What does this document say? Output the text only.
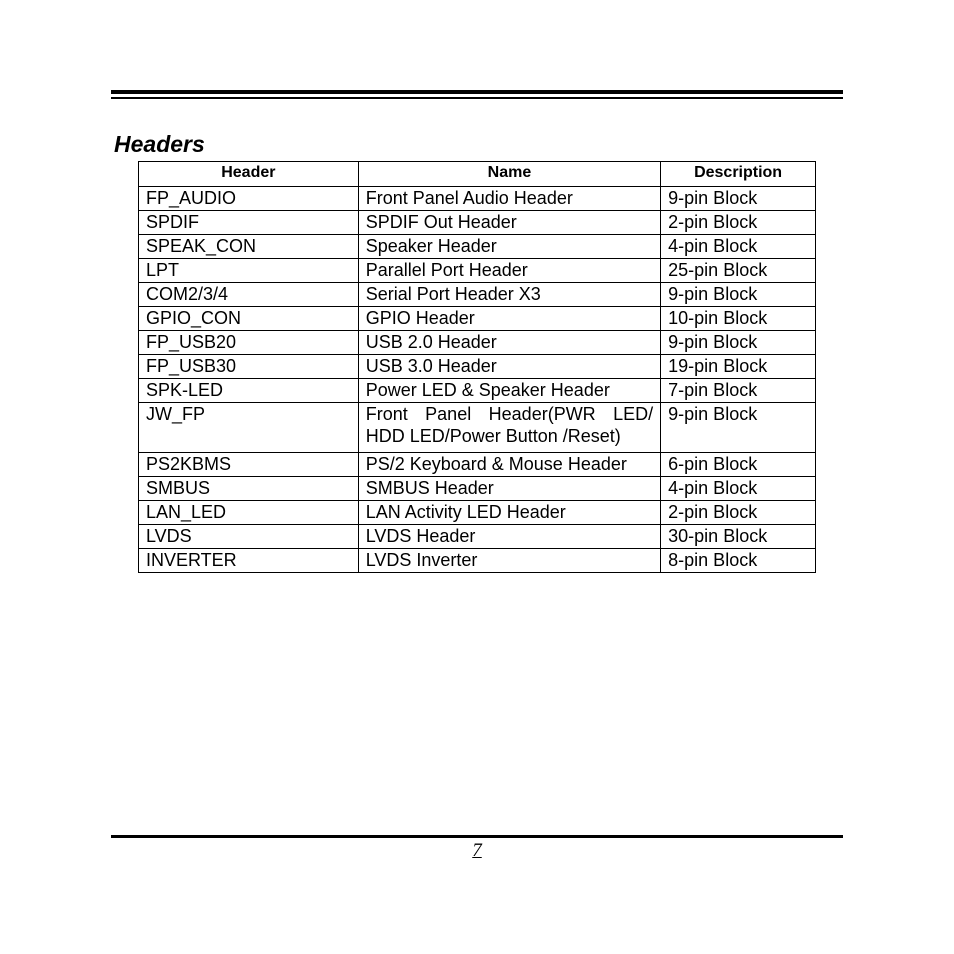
Headers
Header	Name	Description
FP_AUDIO	Front Panel Audio Header	9-pin Block
SPDIF	SPDIF Out Header	2-pin Block
SPEAK_CON	Speaker Header	4-pin Block
LPT	Parallel Port Header	25-pin Block
COM2/3/4	Serial Port Header X3	9-pin Block
GPIO_CON	GPIO Header	10-pin Block
FP_USB20	USB 2.0 Header	9-pin Block
FP_USB30	USB 3.0 Header	19-pin Block
SPK-LED	Power LED & Speaker Header	7-pin Block
JW_FP	Front Panel Header(PWR LED/ HDD LED/Power Button /Reset)	9-pin Block
PS2KBMS	PS/2 Keyboard & Mouse Header	6-pin Block
SMBUS	SMBUS Header	4-pin Block
LAN_LED	LAN Activity LED Header	2-pin Block
LVDS	LVDS Header	30-pin Block
INVERTER	LVDS Inverter	8-pin Block
7
